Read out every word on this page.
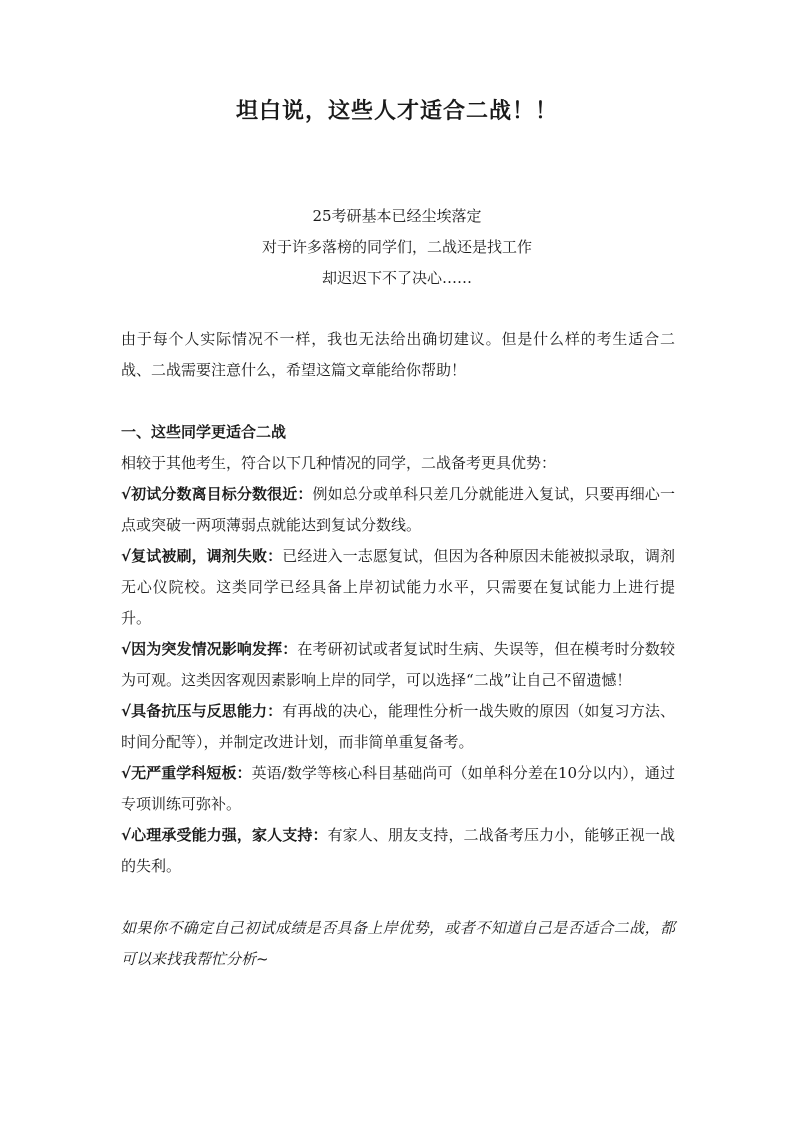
坦白说，这些人才适合二战！！
25考研基本已经尘埃落定
对于许多落榜的同学们，二战还是找工作
却迟迟下不了决心……

由于每个人实际情况不一样，我也无法给出确切建议。但是什么样的考生适合二战、二战需要注意什么，希望这篇文章能给你帮助！

一、这些同学更适合二战

相较于其他考生，符合以下几种情况的同学，二战备考更具优势：

√初试分数离目标分数很近：例如总分或单科只差几分就能进入复试，只要再细心一点或突破一两项薄弱点就能达到复试分数线。

√复试被刷，调剂失败：已经进入一志愿复试，但因为各种原因未能被拟录取，调剂无心仪院校。这类同学已经具备上岸初试能力水平，只需要在复试能力上进行提升。

√因为突发情况影响发挥：在考研初试或者复试时生病、失误等，但在模考时分数较为可观。这类因客观因素影响上岸的同学，可以选择“二战”让自己不留遗憾！

√具备抗压与反思能力：有再战的决心，能理性分析一战失败的原因（如复习方法、时间分配等），并制定改进计划，而非简单重复备考。

√无严重学科短板：英语/数学等核心科目基础尚可（如单科分差在10分以内），通过专项训练可弥补。

√心理承受能力强，家人支持：有家人、朋友支持，二战备考压力小，能够正视一战的失利。

如果你不确定自己初试成绩是否具备上岸优势，或者不知道自己是否适合二战，都可以来找我帮忙分析~
